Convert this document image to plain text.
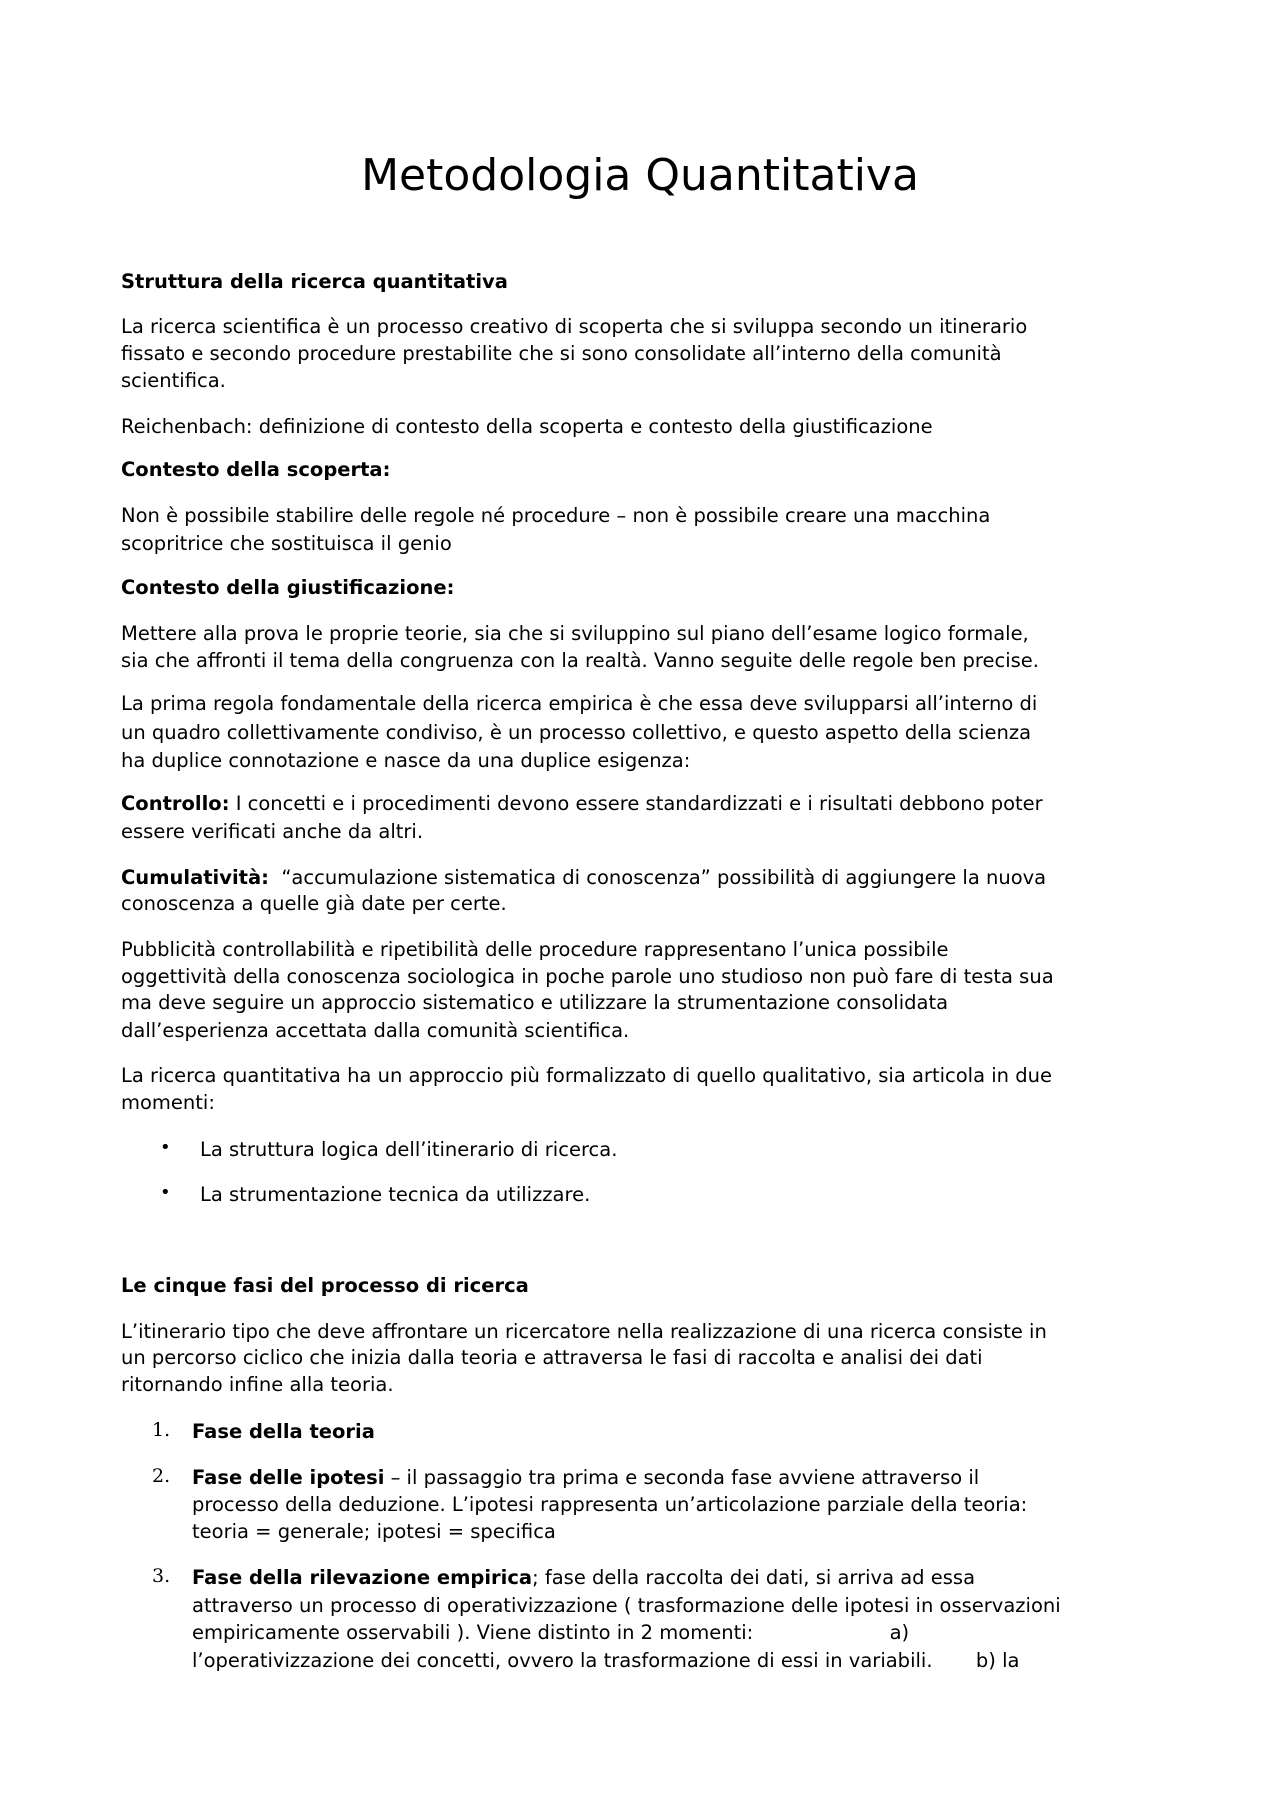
Metodologia Quantitativa
Struttura della ricerca quantitativa
La ricerca scientifica è un processo creativo di scoperta che si sviluppa secondo un itinerario
fissato e secondo procedure prestabilite che si sono consolidate all’interno della comunità
scientifica.
Reichenbach: definizione di contesto della scoperta e contesto della giustificazione
Contesto della scoperta:
Non è possibile stabilire delle regole né procedure – non è possibile creare una macchina
scopritrice che sostituisca il genio
Contesto della giustificazione:
Mettere alla prova le proprie teorie, sia che si sviluppino sul piano dell’esame logico formale,
sia che affronti il tema della congruenza con la realtà. Vanno seguite delle regole ben precise.
La prima regola fondamentale della ricerca empirica è che essa deve svilupparsi all’interno di
un quadro collettivamente condiviso, è un processo collettivo, e questo aspetto della scienza
ha duplice connotazione e nasce da una duplice esigenza:
Controllo: I concetti e i procedimenti devono essere standardizzati e i risultati debbono poter
essere verificati anche da altri.
Cumulatività:  “accumulazione sistematica di conoscenza” possibilità di aggiungere la nuova
conoscenza a quelle già date per certe.
Pubblicità controllabilità e ripetibilità delle procedure rappresentano l’unica possibile
oggettività della conoscenza sociologica in poche parole uno studioso non può fare di testa sua
ma deve seguire un approccio sistematico e utilizzare la strumentazione consolidata
dall’esperienza accettata dalla comunità scientifica.
La ricerca quantitativa ha un approccio più formalizzato di quello qualitativo, sia articola in due
momenti:
• La struttura logica dell’itinerario di ricerca.
• La strumentazione tecnica da utilizzare.
Le cinque fasi del processo di ricerca
L’itinerario tipo che deve affrontare un ricercatore nella realizzazione di una ricerca consiste in
un percorso ciclico che inizia dalla teoria e attraversa le fasi di raccolta e analisi dei dati
ritornando infine alla teoria.
1. Fase della teoria
2. Fase delle ipotesi – il passaggio tra prima e seconda fase avviene attraverso il
processo della deduzione. L’ipotesi rappresenta un’articolazione parziale della teoria:
teoria = generale; ipotesi = specifica
3. Fase della rilevazione empirica; fase della raccolta dei dati, si arriva ad essa
attraverso un processo di operativizzazione ( trasformazione delle ipotesi in osservazioni
empiricamente osservabili ). Viene distinto in 2 momenti:                      a)
l’operativizzazione dei concetti, ovvero la trasformazione di essi in variabili.       b) la
